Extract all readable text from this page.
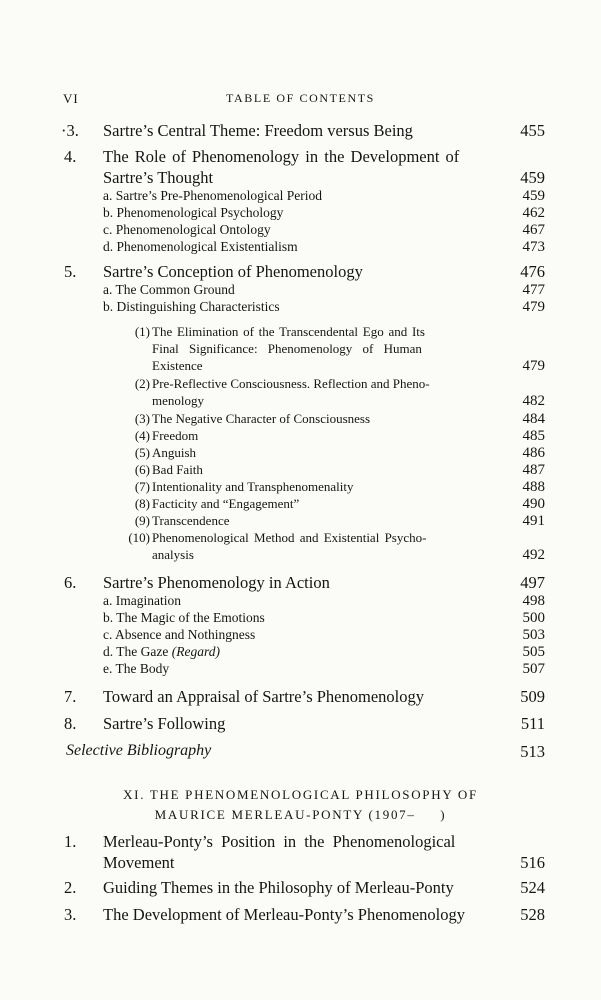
VI	TABLE OF CONTENTS
·3. Sartre’s Central Theme: Freedom versus Being	455
4. The Role of Phenomenology in the Development of
Sartre’s Thought	459
a. Sartre’s Pre-Phenomenological Period	459
b. Phenomenological Psychology	462
c. Phenomenological Ontology	467
d. Phenomenological Existentialism	473
5. Sartre’s Conception of Phenomenology	476
a. The Common Ground	477
b. Distinguishing Characteristics	479
(1) The Elimination of the Transcendental Ego and Its
Final Significance: Phenomenology of Human
Existence	479
(2) Pre-Reflective Consciousness. Reflection and Pheno-
menology	482
(3) The Negative Character of Consciousness	484
(4) Freedom	485
(5) Anguish	486
(6) Bad Faith	487
(7) Intentionality and Transphenomenality	488
(8) Facticity and “Engagement”	490
(9) Transcendence	491
(10) Phenomenological Method and Existential Psycho-
analysis	492
6. Sartre’s Phenomenology in Action	497
a. Imagination	498
b. The Magic of the Emotions	500
c. Absence and Nothingness	503
d. The Gaze (Regard)	505
e. The Body	507
7. Toward an Appraisal of Sartre’s Phenomenology	509
8. Sartre’s Following	511
Selective Bibliography	513
XI. THE PHENOMENOLOGICAL PHILOSOPHY OF
MAURICE MERLEAU-PONTY (1907–     )
1. Merleau-Ponty’s Position in the Phenomenological
Movement	516
2. Guiding Themes in the Philosophy of Merleau-Ponty	524
3. The Development of Merleau-Ponty’s Phenomenology	528
